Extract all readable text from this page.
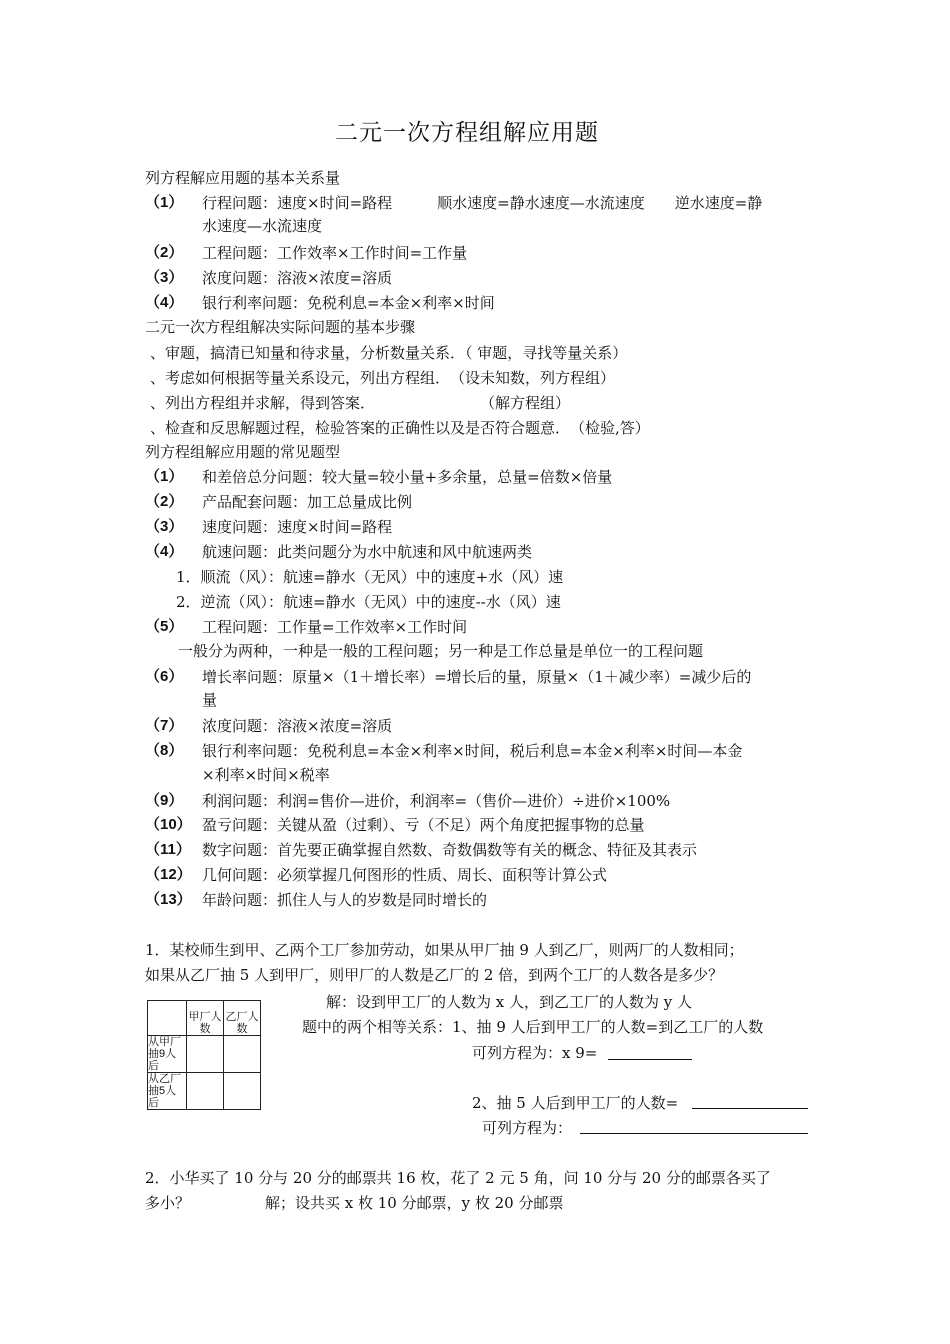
二元一次方程组解应用题
列方程解应用题的基本关系量
（1） 行程问题：速度×时间=路程　　　顺水速度=静水速度—水流速度　　逆水速度=静
水速度—水流速度
（2） 工程问题：工作效率×工作时间=工作量
（3） 浓度问题：溶液×浓度=溶质
（4） 银行利率问题：免税利息=本金×利率×时间
二元一次方程组解决实际问题的基本步骤
、审题，搞清已知量和待求量，分析数量关系．（ 审题，寻找等量关系）
、考虑如何根据等量关系设元，列出方程组．　（设未知数，列方程组）
、列出方程组并求解，得到答案．　　　　　　　　（解方程组）
、检查和反思解题过程，检验答案的正确性以及是否符合题意．　（检验,答）
列方程组解应用题的常见题型
（1） 和差倍总分问题：较大量=较小量+多余量，总量=倍数×倍量
（2） 产品配套问题：加工总量成比例
（3） 速度问题：速度×时间=路程
（4） 航速问题：此类问题分为水中航速和风中航速两类
1．顺流（风）：航速=静水（无风）中的速度+水（风）速
2．逆流（风）：航速=静水（无风）中的速度--水（风）速
（5） 工程问题：工作量=工作效率×工作时间
一般分为两种，一种是一般的工程问题；另一种是工作总量是单位一的工程问题
（6） 增长率问题：原量×（1＋增长率）=增长后的量，原量×（1＋减少率）=减少后的
量
（7） 浓度问题：溶液×浓度=溶质
（8） 银行利率问题：免税利息=本金×利率×时间，税后利息=本金×利率×时间—本金
×利率×时间×税率
（9） 利润问题：利润=售价—进价，利润率=（售价—进价）÷进价×100%
（10） 盈亏问题：关键从盈（过剩）、亏（不足）两个角度把握事物的总量
（11） 数字问题：首先要正确掌握自然数、奇数偶数等有关的概念、特征及其表示
（12） 几何问题：必须掌握几何图形的性质、周长、面积等计算公式
（13） 年龄问题：抓住人与人的岁数是同时增长的
1．某校师生到甲、乙两个工厂参加劳动，如果从甲厂抽 9 人到乙厂，则两厂的人数相同；
如果从乙厂抽 5 人到甲厂，则甲厂的人数是乙厂的 2 倍，到两个工厂的人数各是多少？
	甲厂人数	乙厂人数
从甲厂抽9人后		
从乙厂抽5人后		
解：设到甲工厂的人数为 x 人，到乙工厂的人数为 y 人
题中的两个相等关系：1、抽 9 人后到甲工厂的人数=到乙工厂的人数
可列方程为：x 9=
2、抽 5 人后到甲工厂的人数=
可列方程为：
2．小华买了 10 分与 20 分的邮票共 16 枚，花了 2 元 5 角，问 10 分与 20 分的邮票各买了
多小？　　　　　解；设共买 x 枚 10 分邮票，y 枚 20 分邮票
